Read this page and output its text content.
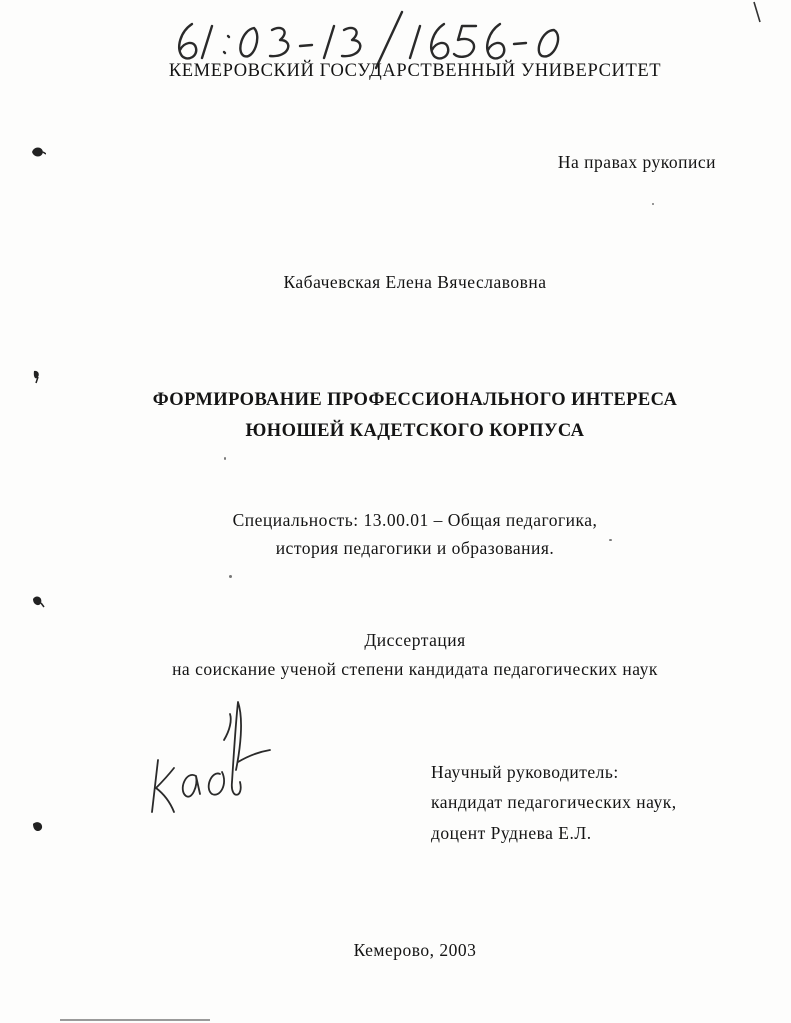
КЕМЕРОВСКИЙ ГОСУДАРСТВЕННЫЙ УНИВЕРСИТЕТ
На правах рукописи
Кабачевская Елена Вячеславовна
ФОРМИРОВАНИЕ ПРОФЕССИОНАЛЬНОГО ИНТЕРЕСА
ЮНОШЕЙ КАДЕТСКОГО КОРПУСА
Специальность: 13.00.01 – Общая педагогика,
история педагогики и образования.
Диссертация
на соискание ученой степени кандидата педагогических наук
Научный руководитель:
кандидат педагогических наук,
доцент Руднева Е.Л.
Кемерово, 2003
